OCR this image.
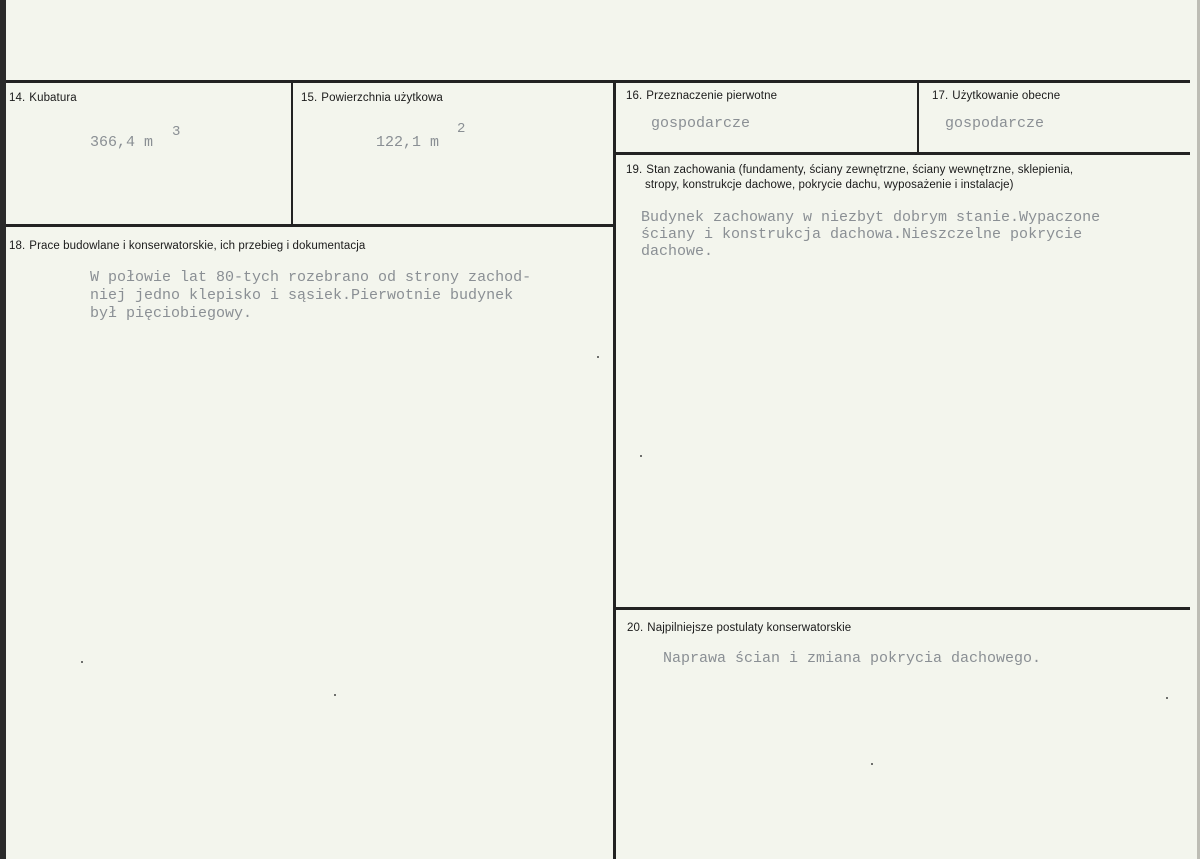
14. Kubatura
366,4 m
3
15. Powierzchnia użytkowa
122,1 m
2
16. Przeznaczenie pierwotne
gospodarcze
17. Użytkowanie obecne
gospodarcze
19. Stan zachowania (fundamenty, ściany zewnętrzne, ściany wewnętrzne, sklepienia,
stropy, konstrukcje dachowe, pokrycie dachu, wyposażenie i instalacje)
Budynek zachowany w niezbyt dobrym stanie.Wypaczone
ściany i konstrukcja dachowa.Nieszczelne pokrycie
dachowe.
18. Prace budowlane i konserwatorskie, ich przebieg i dokumentacja
W połowie lat 80-tych rozebrano od strony zachod-
niej jedno klepisko i sąsiek.Pierwotnie budynek
był pięciobiegowy.
20. Najpilniejsze postulaty konserwatorskie
Naprawa ścian i zmiana pokrycia dachowego.
